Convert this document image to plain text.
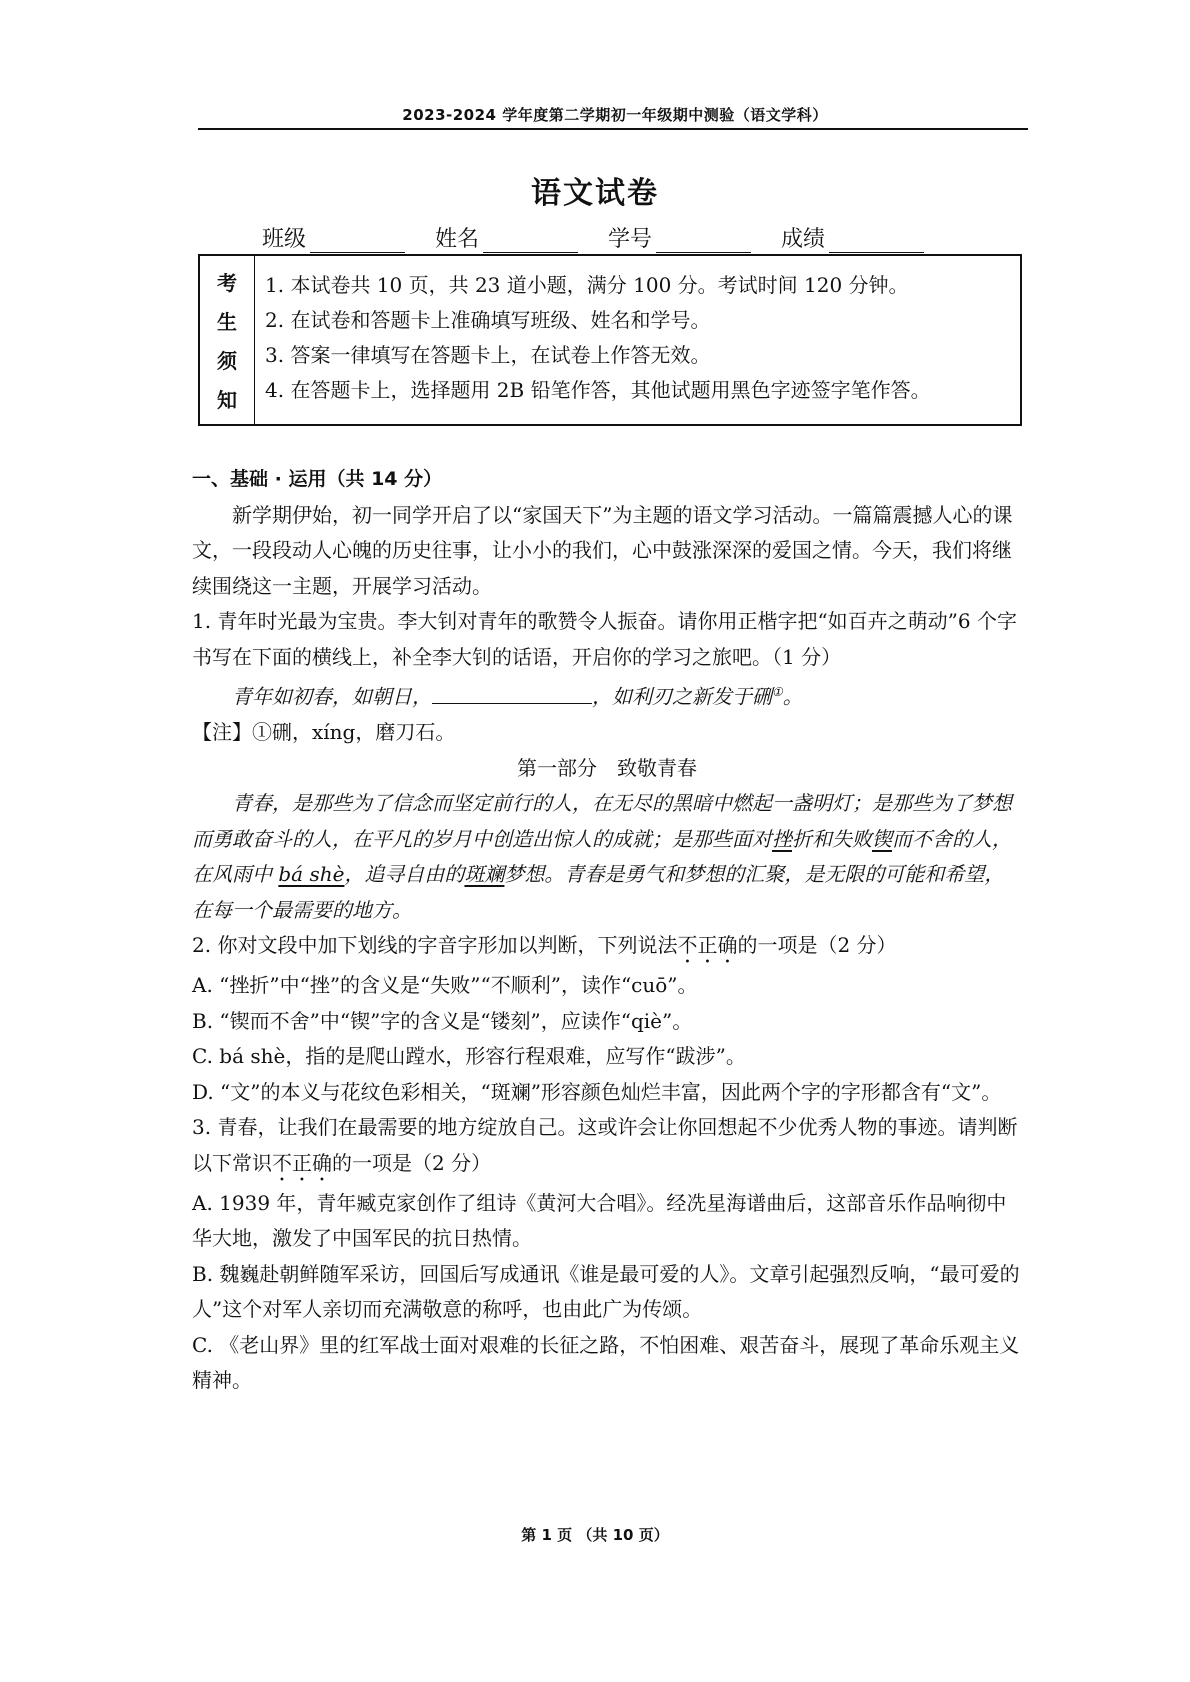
2023-2024 学年度第二学期初一年级期中测验（语文学科）
语文试卷
班级	姓名	学号	成绩
考
生
须
知
1. 本试卷共 10 页，共 23 道小题，满分 100 分。考试时间 120 分钟。
2. 在试卷和答题卡上准确填写班级、姓名和学号。
3. 答案一律填写在答题卡上，在试卷上作答无效。
4. 在答题卡上，选择题用 2B 铅笔作答，其他试题用黑色字迹签字笔作答。

一、基础 · 运用（共 14 分）

新学期伊始，初一同学开启了以“家国天下”为主题的语文学习活动。一篇篇震撼人心的课文，一段段动人心魄的历史往事，让小小的我们，心中鼓涨深深的爱国之情。今天，我们将继续围绕这一主题，开展学习活动。

1. 青年时光最为宝贵。李大钊对青年的歌赞令人振奋。请你用正楷字把“如百卉之萌动”6 个字书写在下面的横线上，补全李大钊的话语，开启你的学习之旅吧。（1 分）

青年如初春，如朝日，	，如利刃之新发于硎①。

【注】①硎，xíng，磨刀石。

第一部分　致敬青春

青春，是那些为了信念而坚定前行的人，在无尽的黑暗中燃起一盏明灯；是那些为了梦想而勇敢奋斗的人，在平凡的岁月中创造出惊人的成就；是那些面对挫折和失败锲而不舍的人，在风雨中 bá shè，追寻自由的斑斓梦想。青春是勇气和梦想的汇聚，是无限的可能和希望，在每一个最需要的地方。

2. 你对文段中加下划线的字音字形加以判断，下列说法不正确的一项是（2 分）

A. “挫折”中“挫”的含义是“失败”“不顺利”，读作“cuō”。

B. “锲而不舍”中“锲”字的含义是“镂刻”，应读作“qiè”。

C. bá shè，指的是爬山蹚水，形容行程艰难，应写作“跋涉”。

D. “文”的本义与花纹色彩相关，“斑斓”形容颜色灿烂丰富，因此两个字的字形都含有“文”。

3. 青春，让我们在最需要的地方绽放自己。这或许会让你回想起不少优秀人物的事迹。请判断以下常识不正确的一项是（2 分）

A. 1939 年，青年臧克家创作了组诗《黄河大合唱》。经冼星海谱曲后，这部音乐作品响彻中华大地，激发了中国军民的抗日热情。

B. 魏巍赴朝鲜随军采访，回国后写成通讯《谁是最可爱的人》。文章引起强烈反响，“最可爱的人”这个对军人亲切而充满敬意的称呼，也由此广为传颂。

C. 《老山界》里的红军战士面对艰难的长征之路，不怕困难、艰苦奋斗，展现了革命乐观主义精神。

第 1 页 （共 10 页）
